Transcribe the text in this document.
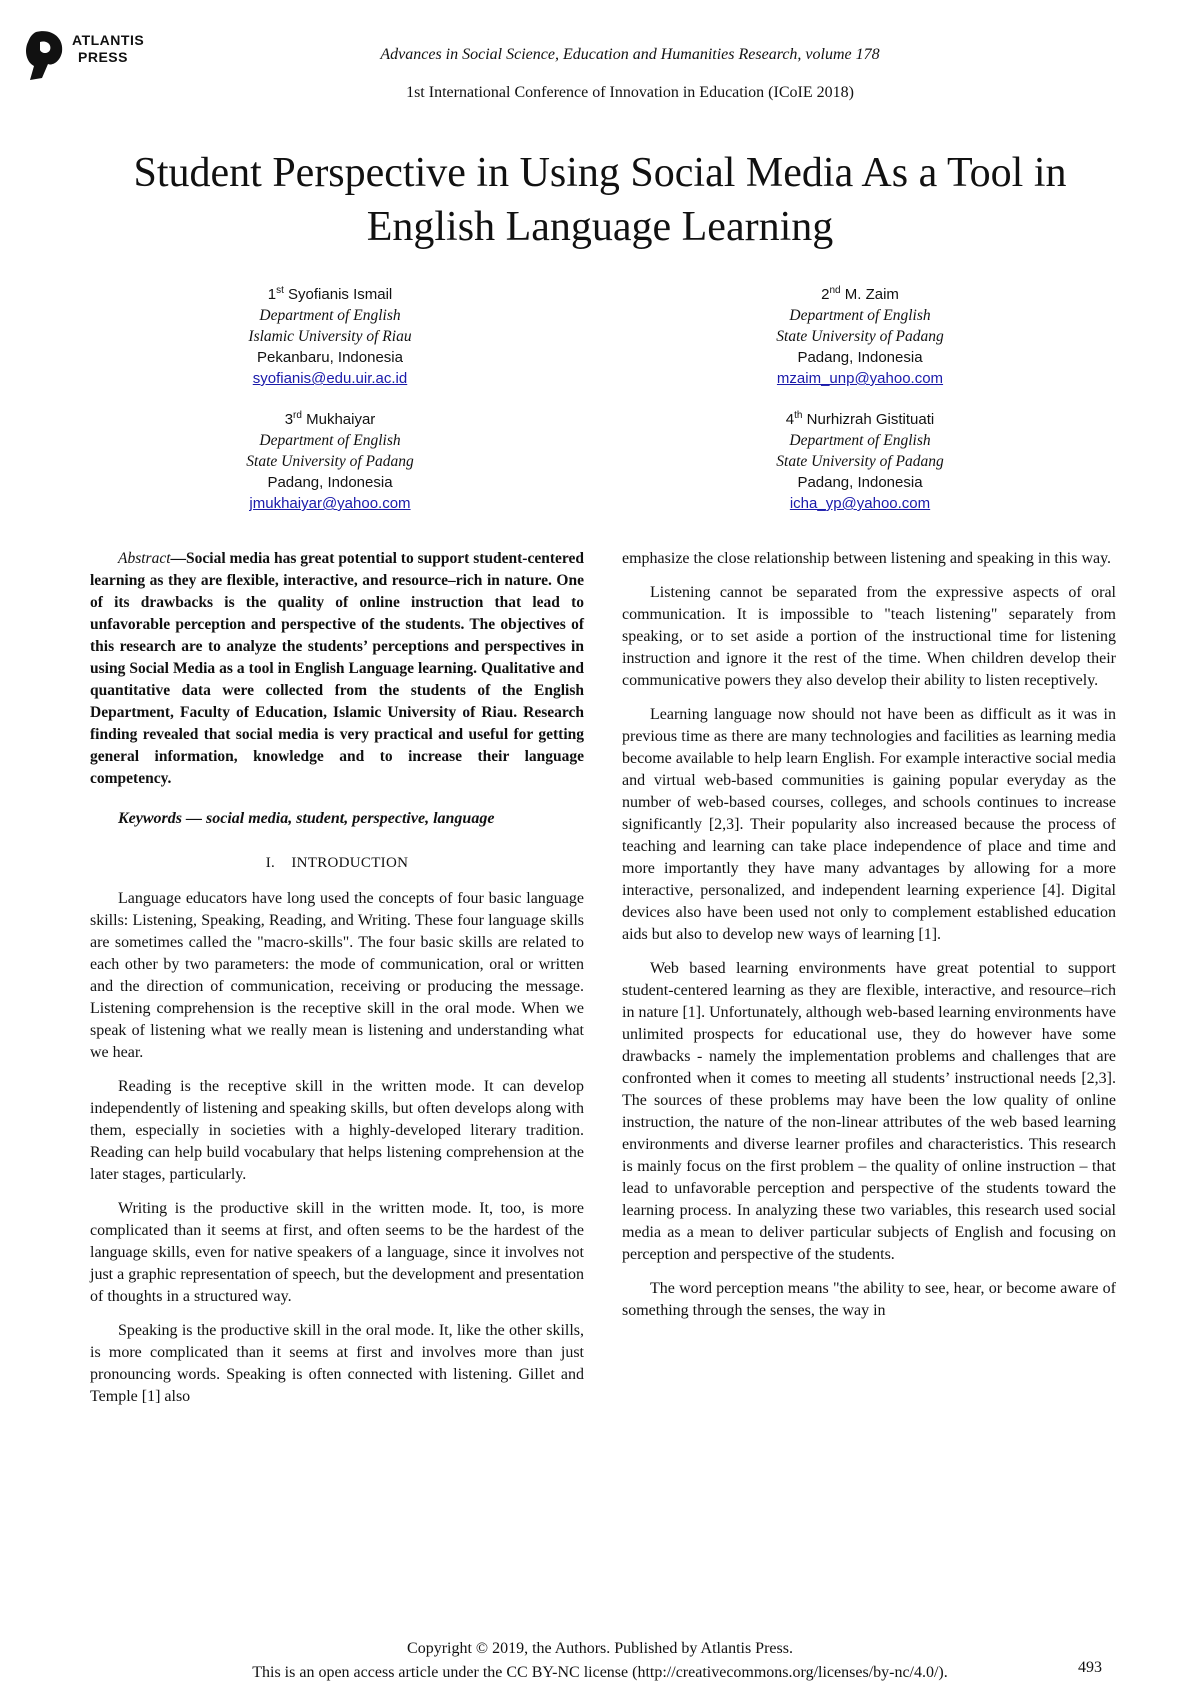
ATLANTIS
PRESS	Advances in Social Science, Education and Humanities Research, volume 178
1st International Conference of Innovation in Education (ICoIE 2018)
Student Perspective in Using Social Media As a Tool in English Language Learning
1st Syofianis Ismail
Department of English
Islamic University of Riau
Pekanbaru, Indonesia
syofianis@edu.uir.ac.id
2nd M. Zaim
Department of English
State University of Padang
Padang, Indonesia
mzaim_unp@yahoo.com
3rd Mukhaiyar
Department of English
State University of Padang
Padang, Indonesia
jmukhaiyar@yahoo.com
4th Nurhizrah Gistituati
Department of English
State University of Padang
Padang, Indonesia
icha_yp@yahoo.com

Abstract—Social media has great potential to support student-centered learning as they are flexible, interactive, and resource–rich in nature. One of its drawbacks is the quality of online instruction that lead to unfavorable perception and perspective of the students. The objectives of this research are to analyze the students’ perceptions and perspectives in using Social Media as a tool in English Language learning. Qualitative and quantitative data were collected from the students of the English Department, Faculty of Education, Islamic University of Riau. Research finding revealed that social media is very practical and useful for getting general information, knowledge and to increase their language competency.

Keywords — social media, student, perspective, language

I. INTRODUCTION

Language educators have long used the concepts of four basic language skills: Listening, Speaking, Reading, and Writing. These four language skills are sometimes called the "macro-skills". The four basic skills are related to each other by two parameters: the mode of communication, oral or written and the direction of communication, receiving or producing the message. Listening comprehension is the receptive skill in the oral mode. When we speak of listening what we really mean is listening and understanding what we hear.

Reading is the receptive skill in the written mode. It can develop independently of listening and speaking skills, but often develops along with them, especially in societies with a highly-developed literary tradition. Reading can help build vocabulary that helps listening comprehension at the later stages, particularly.

Writing is the productive skill in the written mode. It, too, is more complicated than it seems at first, and often seems to be the hardest of the language skills, even for native speakers of a language, since it involves not just a graphic representation of speech, but the development and presentation of thoughts in a structured way.

Speaking is the productive skill in the oral mode. It, like the other skills, is more complicated than it seems at first and involves more than just pronouncing words. Speaking is often connected with listening. Gillet and Temple [1] also

emphasize the close relationship between listening and speaking in this way.

Listening cannot be separated from the expressive aspects of oral communication. It is impossible to "teach listening" separately from speaking, or to set aside a portion of the instructional time for listening instruction and ignore it the rest of the time. When children develop their communicative powers they also develop their ability to listen receptively.

Learning language now should not have been as difficult as it was in previous time as there are many technologies and facilities as learning media become available to help learn English. For example interactive social media and virtual web-based communities is gaining popular everyday as the number of web-based courses, colleges, and schools continues to increase significantly [2,3]. Their popularity also increased because the process of teaching and learning can take place independence of place and time and more importantly they have many advantages by allowing for a more interactive, personalized, and independent learning experience [4]. Digital devices also have been used not only to complement established education aids but also to develop new ways of learning [1].

Web based learning environments have great potential to support student-centered learning as they are flexible, interactive, and resource–rich in nature [1]. Unfortunately, although web-based learning environments have unlimited prospects for educational use, they do however have some drawbacks - namely the implementation problems and challenges that are confronted when it comes to meeting all students’ instructional needs [2,3]. The sources of these problems may have been the low quality of online instruction, the nature of the non-linear attributes of the web based learning environments and diverse learner profiles and characteristics. This research is mainly focus on the first problem – the quality of online instruction – that lead to unfavorable perception and perspective of the students toward the learning process. In analyzing these two variables, this research used social media as a mean to deliver particular subjects of English and focusing on perception and perspective of the students.

The word perception means "the ability to see, hear, or become aware of something through the senses, the way in

Copyright © 2019, the Authors. Published by Atlantis Press.
This is an open access article under the CC BY-NC license (http://creativecommons.org/licenses/by-nc/4.0/).	493
